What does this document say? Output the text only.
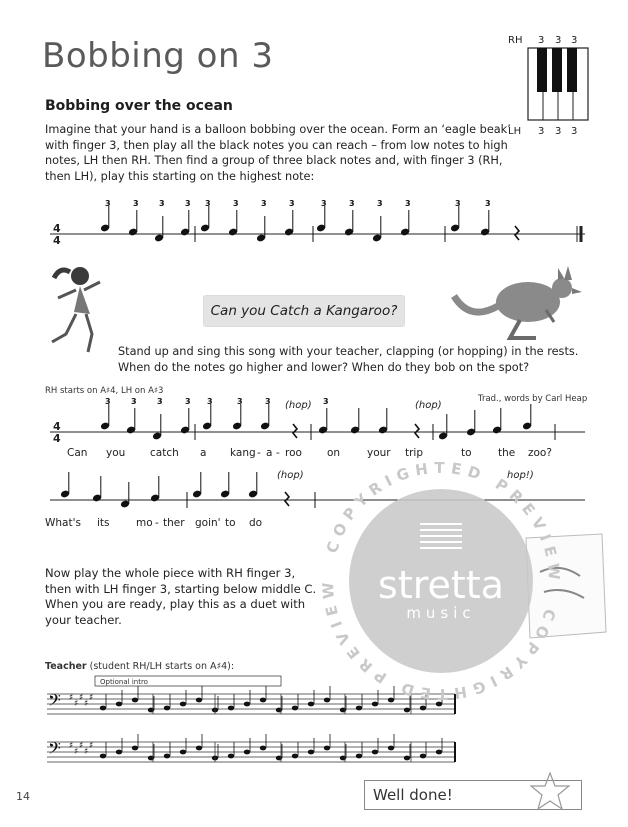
Bobbing on 3
Bobbing over the ocean
Imagine that your hand is a balloon bobbing over the ocean. Form an ‘eagle beak’
with finger 3, then play all the black notes you can reach – from low notes to high
notes, LH then RH. Then find a group of three black notes and, with finger 3 (RH,
then LH), play this starting on the highest note:
RH 3 3 3
LH 3 3 3
4
4
3	3	3	3 3	3	3	3	3	3	3	3	3	3
Can you Catch a Kangaroo?
Stand up and sing this song with your teacher, clapping (or hopping) in the rests.
When do the notes go higher and lower? When do they bob on the spot?
RH starts on A♯4, LH on A♯3
Trad., words by Carl Heap
4
4
3	3	3	3 3	3	3	3
(hop)	(hop)
Can you catch a kang - a - roo on	your trip	to	the zoo?
(hop)	hop!)
What's its	mo - ther goin' to do
Now play the whole piece with RH finger 3,
then with LH finger 3, starting below middle C.
When you are ready, play this as a duet with
your teacher.
Teacher (student RH/LH starts on A♯4):
Optional intro
𝄢 ♯
♯
♯
♯
♯
𝄢 ♯
♯
♯
♯
♯
COPYRIGHTED PREVIEW
COPYRIGHTED PREVIEW	stretta
music
14	Well done!
